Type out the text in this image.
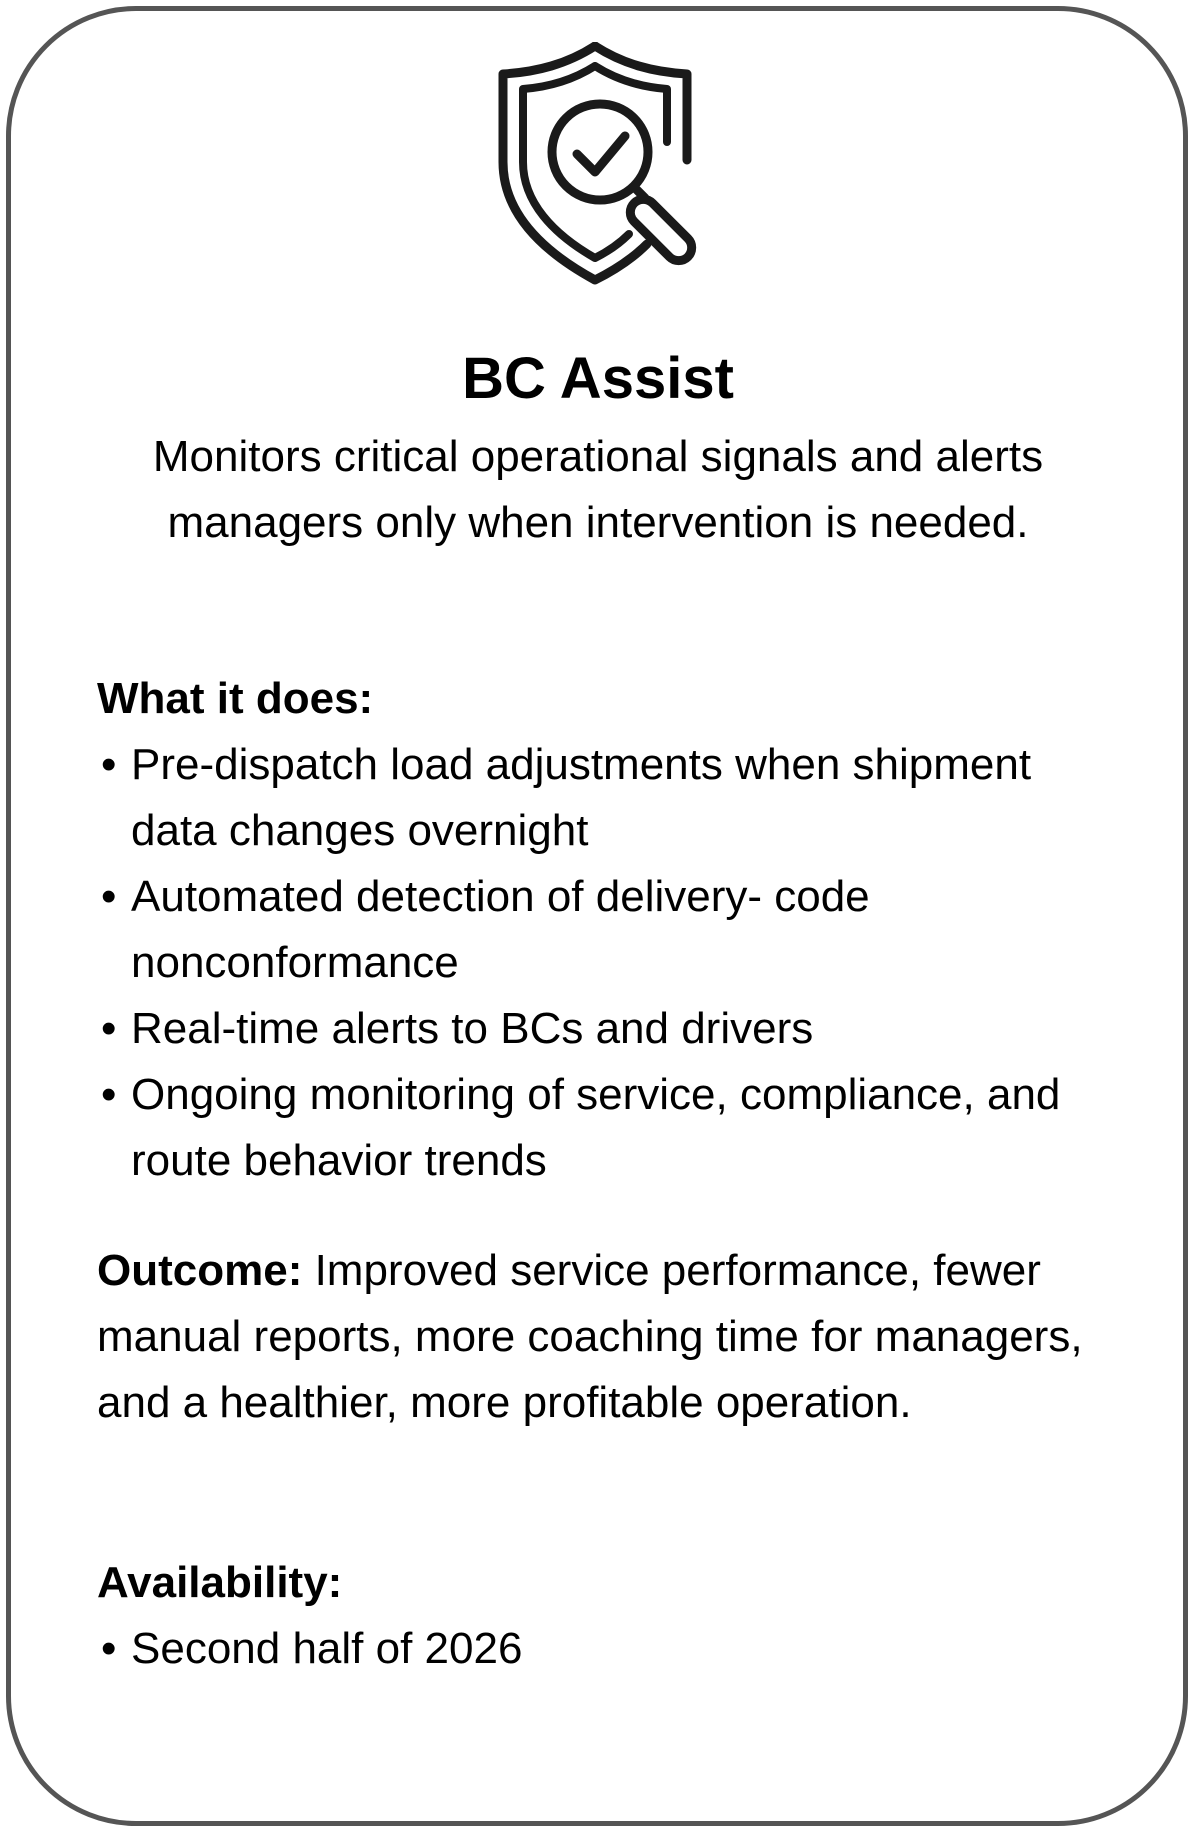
BC Assist
Monitors critical operational signals and alerts managers only when intervention is needed.
What it does:
• Pre-dispatch load adjustments when shipment data changes overnight
• Automated detection of delivery- code nonconformance
• Real-time alerts to BCs and drivers
• Ongoing monitoring of service, compliance, and route behavior trends
Outcome: Improved service performance, fewer manual reports, more coaching time for managers, and a healthier, more profitable operation.
Availability:
• Second half of 2026
